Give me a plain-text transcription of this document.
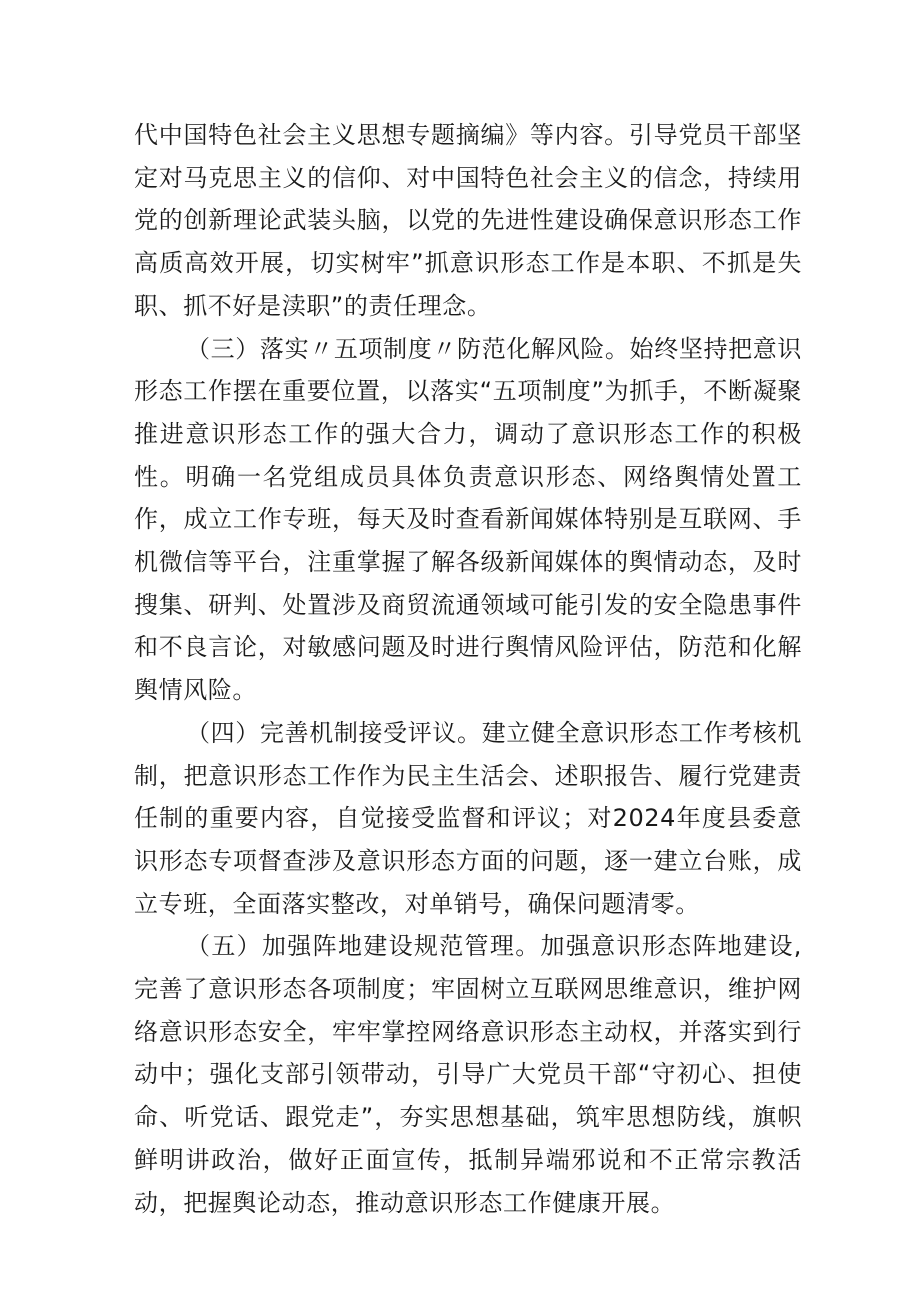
代中国特色社会主义思想专题摘编》等内容。引导党员干部坚定对马克思主义的信仰、对中国特色社会主义的信念，持续用党的创新理论武装头脑，以党的先进性建设确保意识形态工作高质高效开展，切实树牢”抓意识形态工作是本职、不抓是失职、抓不好是渎职”的责任理念。

（三）落实〃五项制度〃防范化解风险。始终坚持把意识形态工作摆在重要位置，以落实“五项制度”为抓手，不断凝聚推进意识形态工作的强大合力，调动了意识形态工作的积极性。明确一名党组成员具体负责意识形态、网络舆情处置工作，成立工作专班，每天及时查看新闻媒体特别是互联网、手机微信等平台，注重掌握了解各级新闻媒体的舆情动态，及时搜集、研判、处置涉及商贸流通领域可能引发的安全隐患事件和不良言论，对敏感问题及时进行舆情风险评估，防范和化解舆情风险。

（四）完善机制接受评议。建立健全意识形态工作考核机制，把意识形态工作作为民主生活会、述职报告、履行党建责任制的重要内容，自觉接受监督和评议；对2024年度县委意识形态专项督查涉及意识形态方面的问题，逐一建立台账，成立专班，全面落实整改，对单销号，确保问题清零。

（五）加强阵地建设规范管理。加强意识形态阵地建设,完善了意识形态各项制度；牢固树立互联网思维意识，维护网络意识形态安全，牢牢掌控网络意识形态主动权，并落实到行动中；强化支部引领带动，引导广大党员干部“守初心、担使命、听党话、跟党走”，夯实思想基础，筑牢思想防线，旗帜鲜明讲政治，做好正面宣传，抵制异端邪说和不正常宗教活动，把握舆论动态，推动意识形态工作健康开展。
